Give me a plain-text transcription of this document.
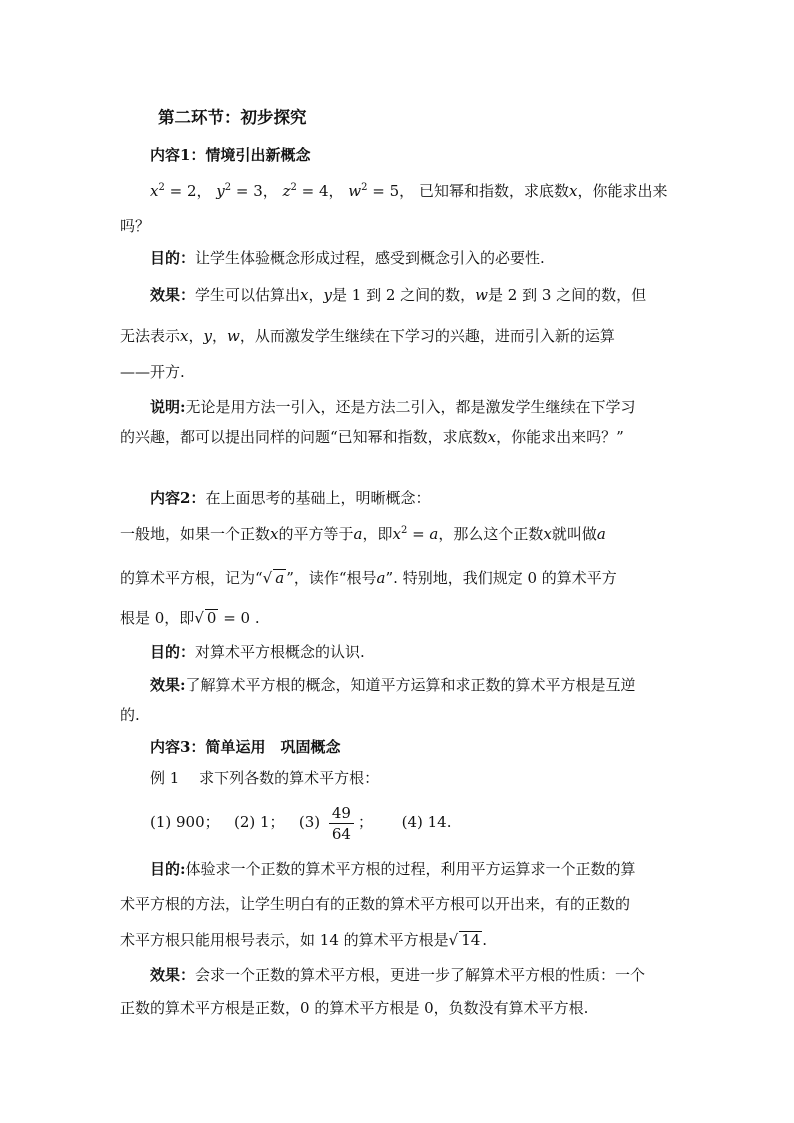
第二环节：初步探究
内容1：情境引出新概念
$x^2 = 2$， $y^2 = 3$， $z^2 = 4$， $w^2 = 5$， 已知幂和指数，求底数x，你能求出来
吗？
目的：让学生体验概念形成过程，感受到概念引入的必要性.
效果：学生可以估算出x，y是 1 到 2 之间的数，w是 2 到 3 之间的数，但
无法表示x，y，w，从而激发学生继续在下学习的兴趣，进而引入新的运算
——开方.
说明:无论是用方法一引入，还是方法二引入，都是激发学生继续在下学习
的兴趣，都可以提出同样的问题“已知幂和指数，求底数x，你能求出来吗？”
内容2：在上面思考的基础上，明晰概念：
一般地，如果一个正数x的平方等于a，即$x^2 = a$，那么这个正数x就叫做a
的算术平方根，记为“√ a ”，读作“根号a”. 特别地，我们规定 0 的算术平方
根是 0，即√ 0 = 0 .
目的：对算术平方根概念的认识.
效果:了解算术平方根的概念，知道平方运算和求正数的算术平方根是互逆
的.
内容3：简单运用　巩固概念
例 1　 求下列各数的算术平方根：
(1) 900； (2) 1； $(3) \frac{49}{64}$ ； (4) 14.
目的:体验求一个正数的算术平方根的过程，利用平方运算求一个正数的算
术平方根的方法，让学生明白有的正数的算术平方根可以开出来，有的正数的
术平方根只能用根号表示，如 14 的算术平方根是√ 14 .
效果：会求一个正数的算术平方根，更进一步了解算术平方根的性质：一个
正数的算术平方根是正数，0 的算术平方根是 0，负数没有算术平方根.
